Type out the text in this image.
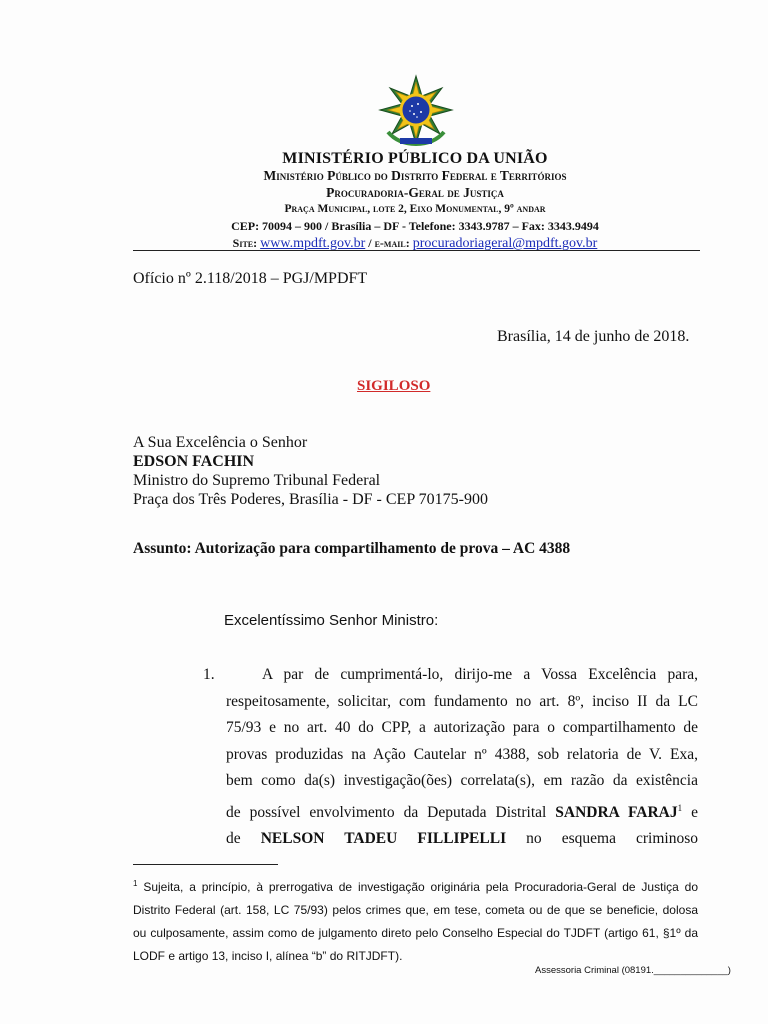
MINISTÉRIO PÚBLICO DA UNIÃO
Ministério Público do Distrito Federal e Territórios
Procuradoria-Geral de Justiça
Praça Municipal, lote 2, Eixo Monumental, 9º andar
CEP: 70094 – 900 / Brasília – DF - Telefone: 3343.9787 – Fax: 3343.9494
Site: www.mpdft.gov.br / e-mail: procuradoriageral@mpdft.gov.br
Ofício nº 2.118/2018 – PGJ/MPDFT
Brasília, 14 de junho de 2018.
SIGILOSO
A Sua Excelência o Senhor
EDSON FACHIN
Ministro do Supremo Tribunal Federal
Praça dos Três Poderes, Brasília - DF - CEP 70175-900
Assunto: Autorização para compartilhamento de prova – AC 4388
Excelentíssimo Senhor Ministro:
1.	A par de cumprimentá-lo, dirijo-me a Vossa Excelência para,
respeitosamente, solicitar, com fundamento no art. 8º, inciso II da LC
75/93 e no art. 40 do CPP, a autorização para o compartilhamento de
provas produzidas na Ação Cautelar nº 4388, sob relatoria de V. Exa,
bem como da(s) investigação(ões) correlata(s), em razão da existência
de possível envolvimento da Deputada Distrital SANDRA FARAJ$^1$ e
de NELSON TADEU FILLIPELLI no esquema criminoso
$^1$ Sujeita, a princípio, à prerrogativa de investigação originária pela Procuradoria-Geral de Justiça do
Distrito Federal (art. 158, LC 75/93) pelos crimes que, em tese, cometa ou de que se beneficie, dolosa
ou culposamente, assim como de julgamento direto pelo Conselho Especial do TJDFT (artigo 61, §1º da
LODF e artigo 13, inciso I, alínea “b” do RITJDFT).
Assessoria Criminal (08191.______________)
